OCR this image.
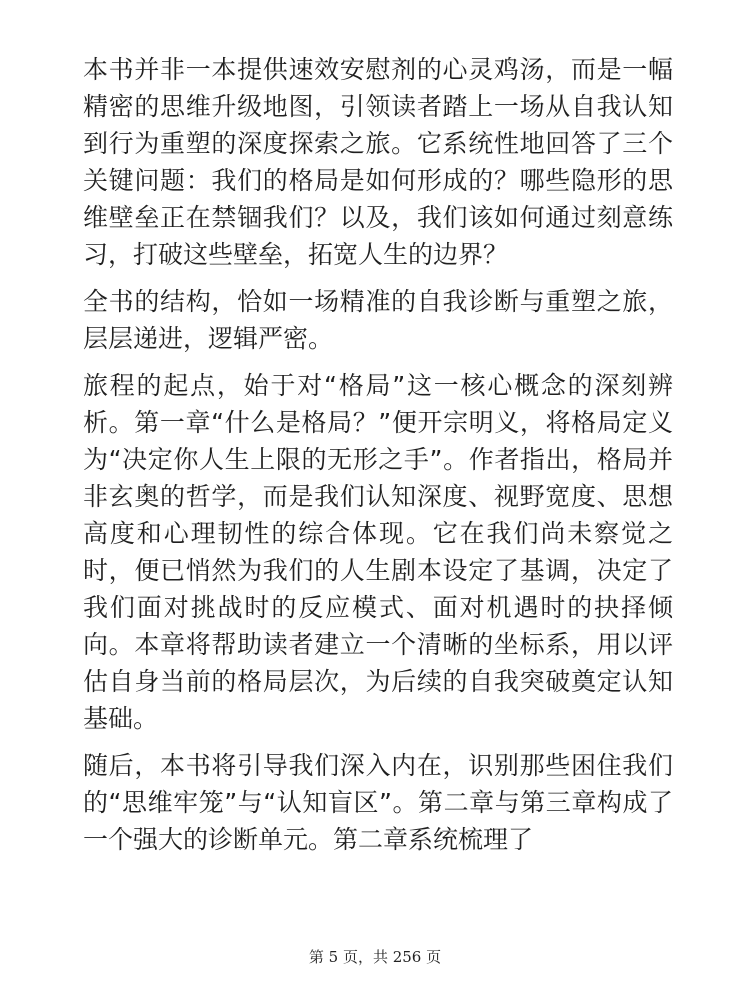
本书并非一本提供速效安慰剂的心灵鸡汤，而是一幅精密的思维升级地图，引领读者踏上一场从自我认知到行为重塑的深度探索之旅。它系统性地回答了三个关键问题：我们的格局是如何形成的？哪些隐形的思维壁垒正在禁锢我们？以及，我们该如何通过刻意练习，打破这些壁垒，拓宽人生的边界？

全书的结构，恰如一场精准的自我诊断与重塑之旅，层层递进，逻辑严密。

旅程的起点，始于对“格局”这一核心概念的深刻辨析。第一章“什么是格局？”便开宗明义，将格局定义为“决定你人生上限的无形之手”。作者指出，格局并非玄奥的哲学，而是我们认知深度、视野宽度、思想高度和心理韧性的综合体现。它在我们尚未察觉之时，便已悄然为我们的人生剧本设定了基调，决定了我们面对挑战时的反应模式、面对机遇时的抉择倾向。本章将帮助读者建立一个清晰的坐标系，用以评估自身当前的格局层次，为后续的自我突破奠定认知基础。

随后，本书将引导我们深入内在，识别那些困住我们的“思维牢笼”与“认知盲区”。第二章与第三章构成了一个强大的诊断单元。第二章系统梳理了

第 5 页，共 256 页
